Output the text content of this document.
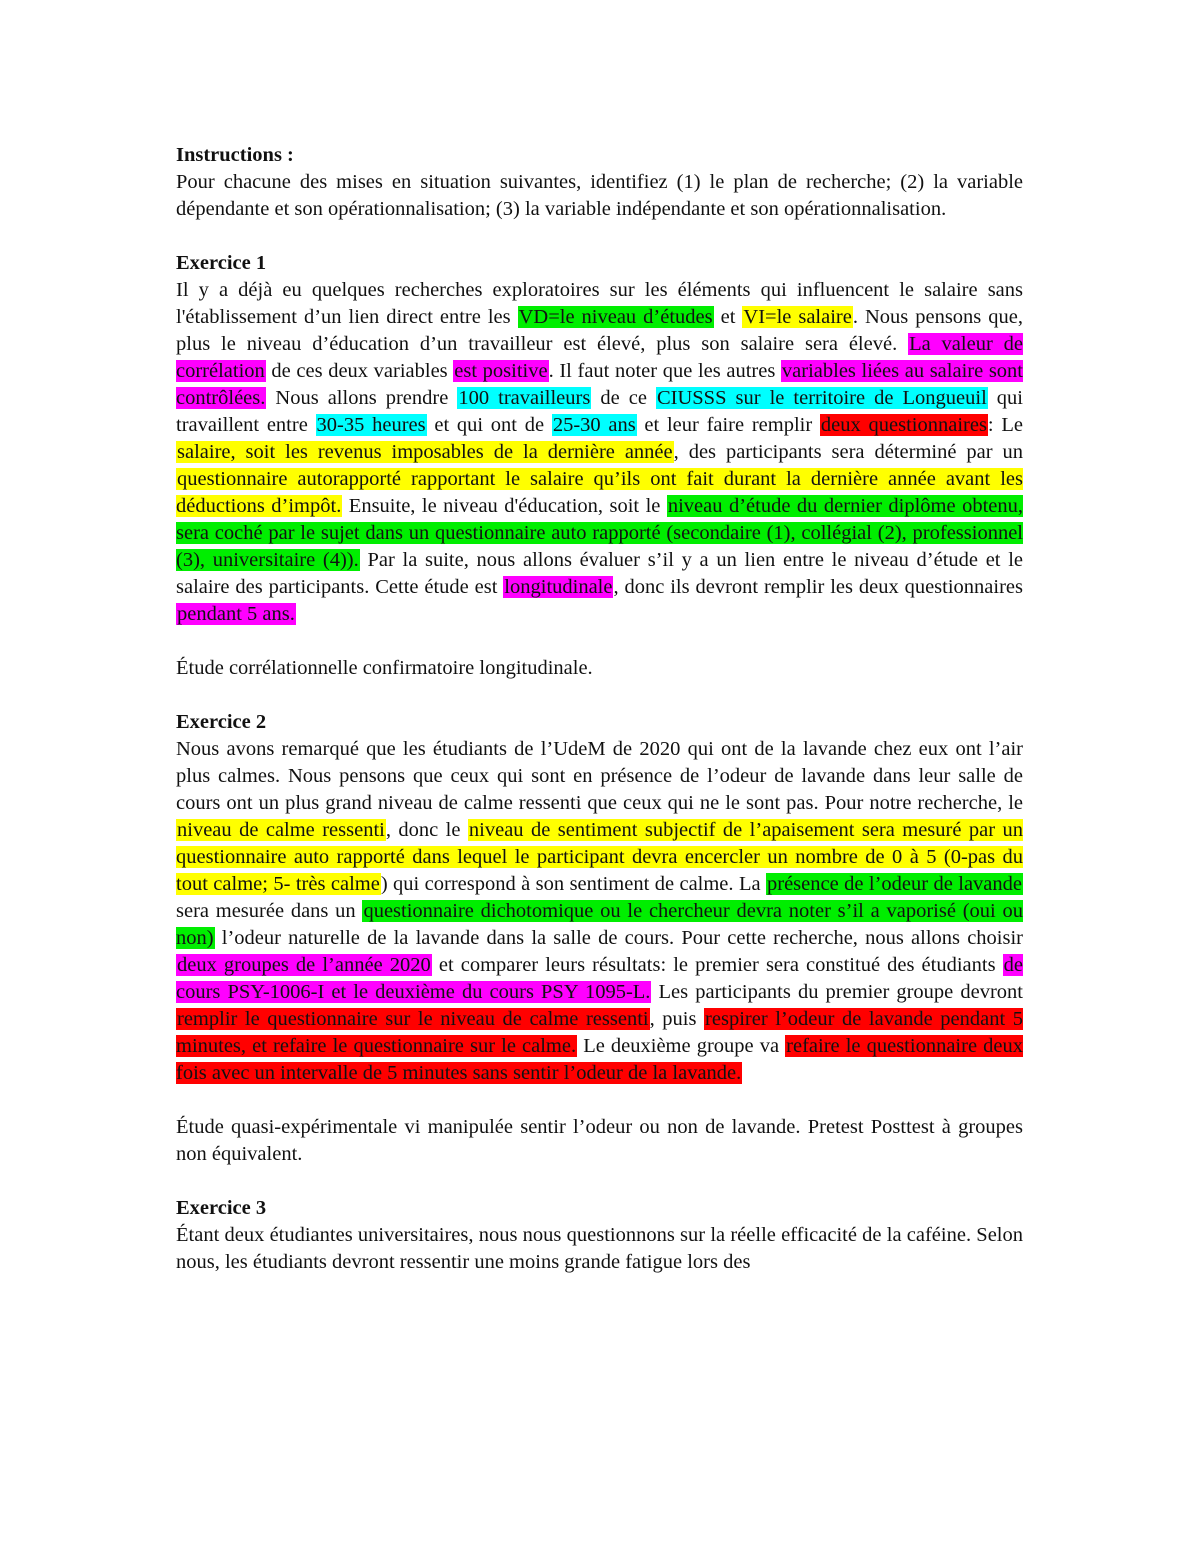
Instructions :

Pour chacune des mises en situation suivantes, identifiez (1) le plan de recherche; (2) la variable dépendante et son opérationnalisation; (3) la variable indépendante et son opérationnalisation.

Exercice 1

Il y a déjà eu quelques recherches exploratoires sur les éléments qui influencent le salaire sans l'établissement d’un lien direct entre les VD=le niveau d’études et VI=le salaire. Nous pensons que, plus le niveau d’éducation d’un travailleur est élevé, plus son salaire sera élevé. La valeur de corrélation de ces deux variables est positive. Il faut noter que les autres variables liées au salaire sont contrôlées. Nous allons prendre 100 travailleurs de ce CIUSSS sur le territoire de Longueuil qui travaillent entre 30-35 heures et qui ont de 25-30 ans et leur faire remplir deux questionnaires: Le salaire, soit les revenus imposables de la dernière année, des participants sera déterminé par un questionnaire autorapporté rapportant le salaire qu’ils ont fait durant la dernière année avant les déductions d’impôt. Ensuite, le niveau d'éducation, soit le niveau d’étude du dernier diplôme obtenu, sera coché par le sujet dans un questionnaire auto rapporté (secondaire (1), collégial (2), professionnel (3), universitaire (4)). Par la suite, nous allons évaluer s’il y a un lien entre le niveau d’étude et le salaire des participants. Cette étude est longitudinale, donc ils devront remplir les deux questionnaires pendant 5 ans.

Étude corrélationnelle confirmatoire longitudinale.

Exercice 2

Nous avons remarqué que les étudiants de l’UdeM de 2020 qui ont de la lavande chez eux ont l’air plus calmes. Nous pensons que ceux qui sont en présence de l’odeur de lavande dans leur salle de cours ont un plus grand niveau de calme ressenti que ceux qui ne le sont pas. Pour notre recherche, le niveau de calme ressenti, donc le niveau de sentiment subjectif de l’apaisement sera mesuré par un questionnaire auto rapporté dans lequel le participant devra encercler un nombre de 0 à 5 (0-pas du tout calme; 5- très calme) qui correspond à son sentiment de calme. La présence de l’odeur de lavande sera mesurée dans un questionnaire dichotomique ou le chercheur devra noter s’il a vaporisé (oui ou non) l’odeur naturelle de la lavande dans la salle de cours. Pour cette recherche, nous allons choisir deux groupes de l’année 2020 et comparer leurs résultats: le premier sera constitué des étudiants de cours PSY-1006-I et le deuxième du cours PSY 1095-L. Les participants du premier groupe devront remplir le questionnaire sur le niveau de calme ressenti, puis respirer l’odeur de lavande pendant 5 minutes, et refaire le questionnaire sur le calme. Le deuxième groupe va refaire le questionnaire deux fois avec un intervalle de 5 minutes sans sentir l’odeur de la lavande.

Étude quasi-expérimentale vi manipulée sentir l’odeur ou non de lavande. Pretest Posttest à groupes non équivalent.

Exercice 3

Étant deux étudiantes universitaires, nous nous questionnons sur la réelle efficacité de la caféine. Selon nous, les étudiants devront ressentir une moins grande fatigue lors des
